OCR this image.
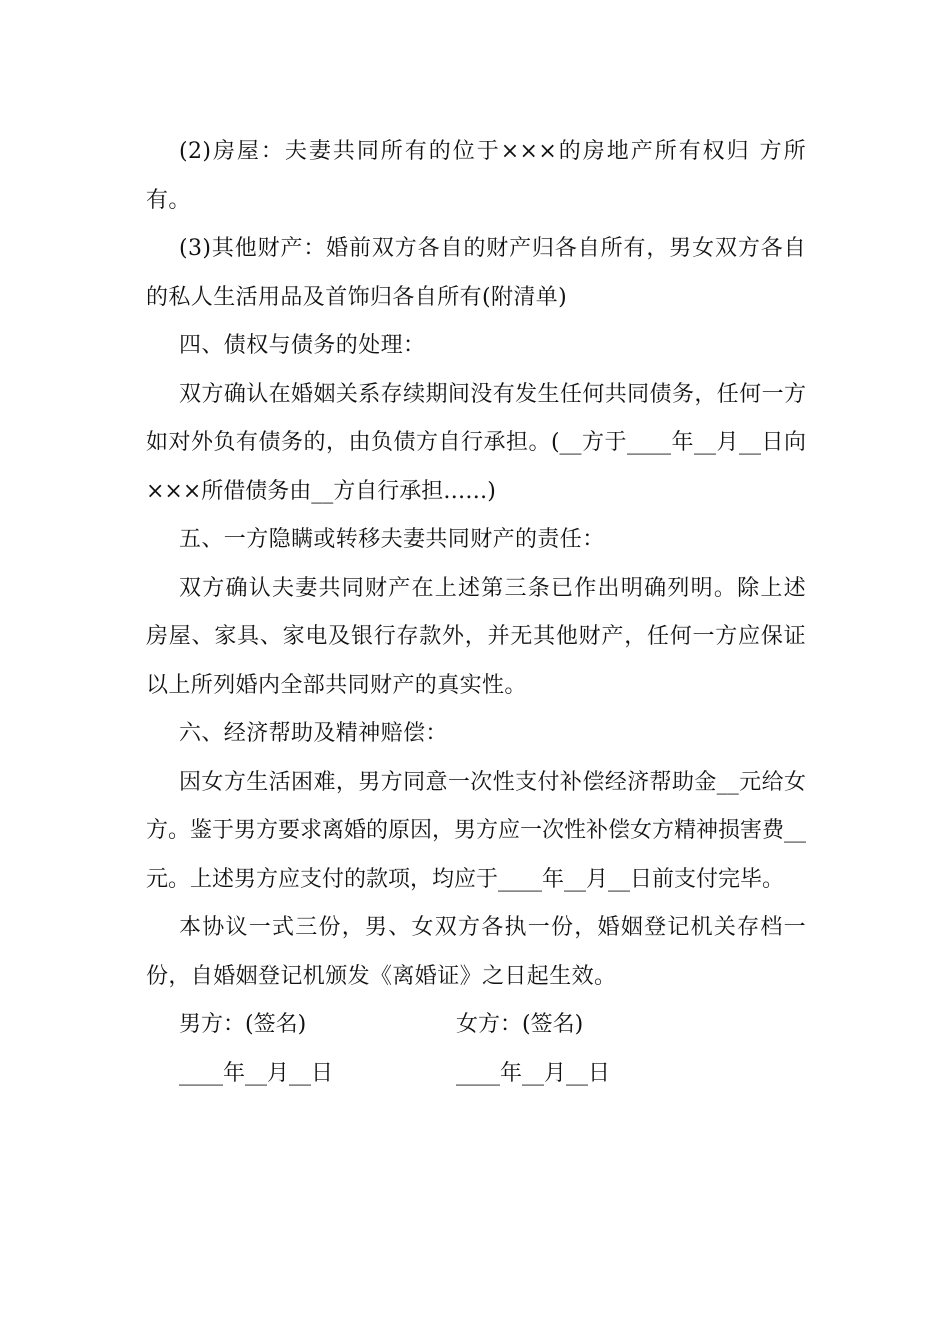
(2)房屋：夫妻共同所有的位于×××的房地产所有权归 方所有。

(3)其他财产：婚前双方各自的财产归各自所有，男女双方各自的私人生活用品及首饰归各自所有(附清单)

四、债权与债务的处理：

双方确认在婚姻关系存续期间没有发生任何共同债务，任何一方如对外负有债务的，由负债方自行承担。(__方于____年__月__日向×××所借债务由__方自行承担……)

五、一方隐瞒或转移夫妻共同财产的责任：

双方确认夫妻共同财产在上述第三条已作出明确列明。除上述房屋、家具、家电及银行存款外，并无其他财产，任何一方应保证以上所列婚内全部共同财产的真实性。

六、经济帮助及精神赔偿：

因女方生活困难，男方同意一次性支付补偿经济帮助金__元给女方。鉴于男方要求离婚的原因，男方应一次性补偿女方精神损害费__元。上述男方应支付的款项，均应于____年__月__日前支付完毕。

本协议一式三份，男、女双方各执一份，婚姻登记机关存档一份，自婚姻登记机颁发《离婚证》之日起生效。

男方：(签名)	女方：(签名)
____年__月__日	____年__月__日
